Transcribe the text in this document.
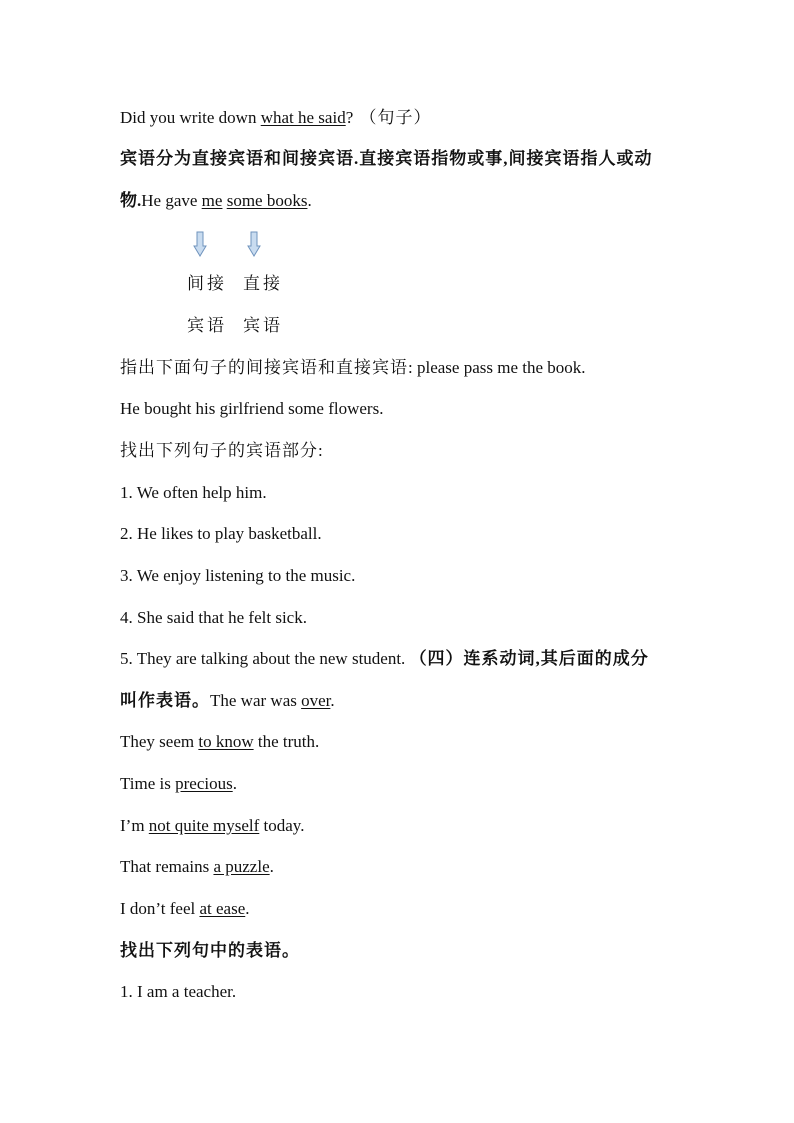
Did you write down what he said? （句子）
宾语分为直接宾语和间接宾语.直接宾语指物或事,间接宾语指人或动
物.He gave me some books.
间接 直接
宾语 宾语
指出下面句子的间接宾语和直接宾语: please pass me the book.
He bought his girlfriend some flowers.
找出下列句子的宾语部分:
1. We often help him.
2. He likes to play basketball.
3. We enjoy listening to the music.
4. She said that he felt sick.
5. They are talking about the new student. （四）连系动词,其后面的成分
叫作表语。The war was over.
They seem to know the truth.
Time is precious.
I’m not quite myself today.
That remains a puzzle.
I don’t feel at ease.
找出下列句中的表语。
1. I am a teacher.
